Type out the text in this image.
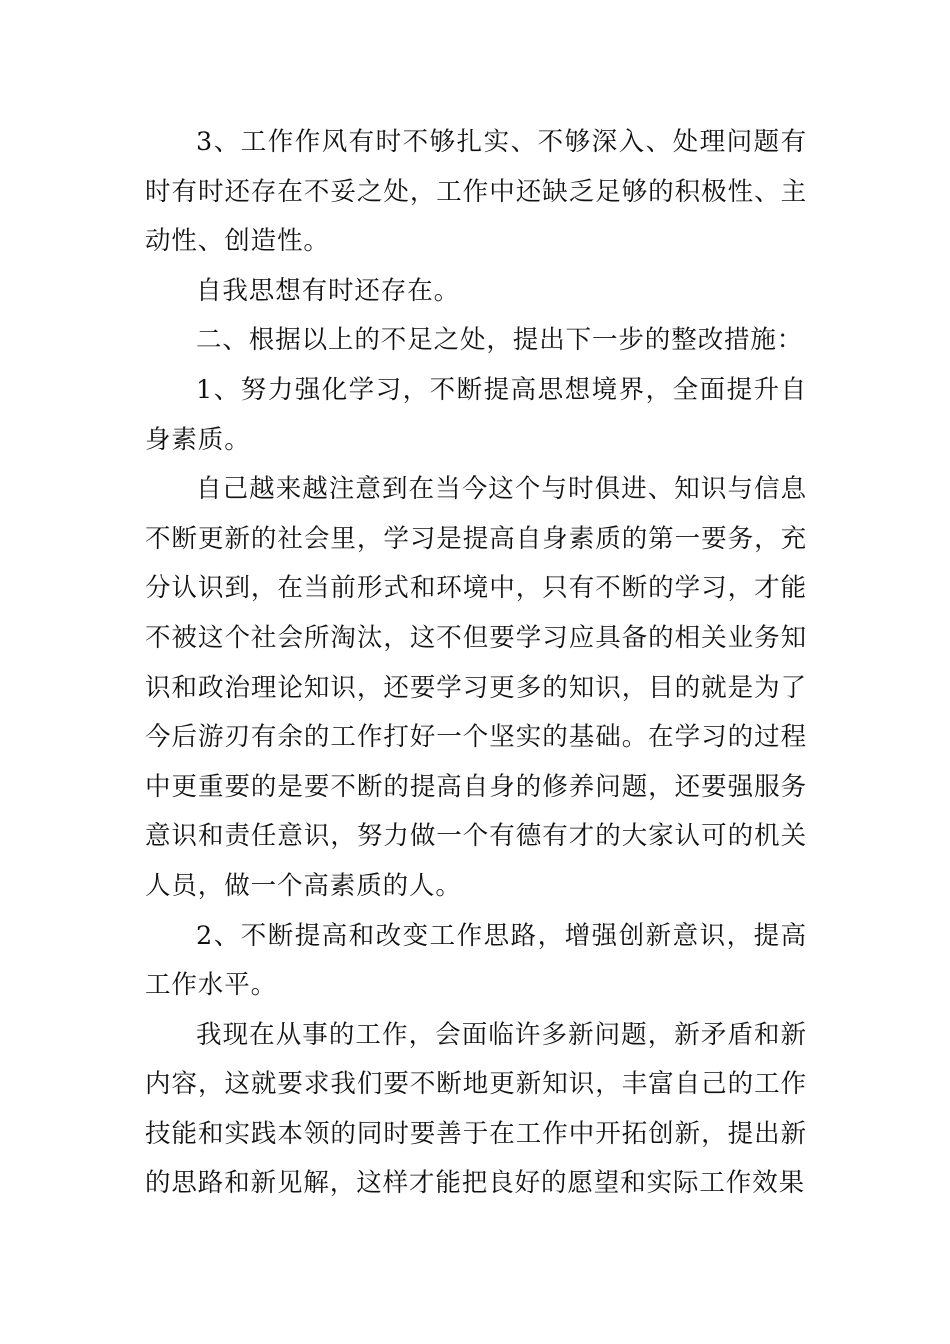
3、工作作风有时不够扎实、不够深入、处理问题有时有时还存在不妥之处，工作中还缺乏足够的积极性、主动性、创造性。

自我思想有时还存在。

二、根据以上的不足之处，提出下一步的整改措施：

1、努力强化学习，不断提高思想境界，全面提升自身素质。

自己越来越注意到在当今这个与时俱进、知识与信息不断更新的社会里，学习是提高自身素质的第一要务，充分认识到，在当前形式和环境中，只有不断的学习，才能不被这个社会所淘汰，这不但要学习应具备的相关业务知识和政治理论知识，还要学习更多的知识，目的就是为了今后游刃有余的工作打好一个坚实的基础。在学习的过程中更重要的是要不断的提高自身的修养问题，还要强服务意识和责任意识，努力做一个有德有才的大家认可的机关人员，做一个高素质的人。

2、不断提高和改变工作思路，增强创新意识，提高工作水平。

我现在从事的工作，会面临许多新问题，新矛盾和新内容，这就要求我们要不断地更新知识，丰富自己的工作技能和实践本领的同时要善于在工作中开拓创新，提出新的思路和新见解，这样才能把良好的愿望和实际工作效果
